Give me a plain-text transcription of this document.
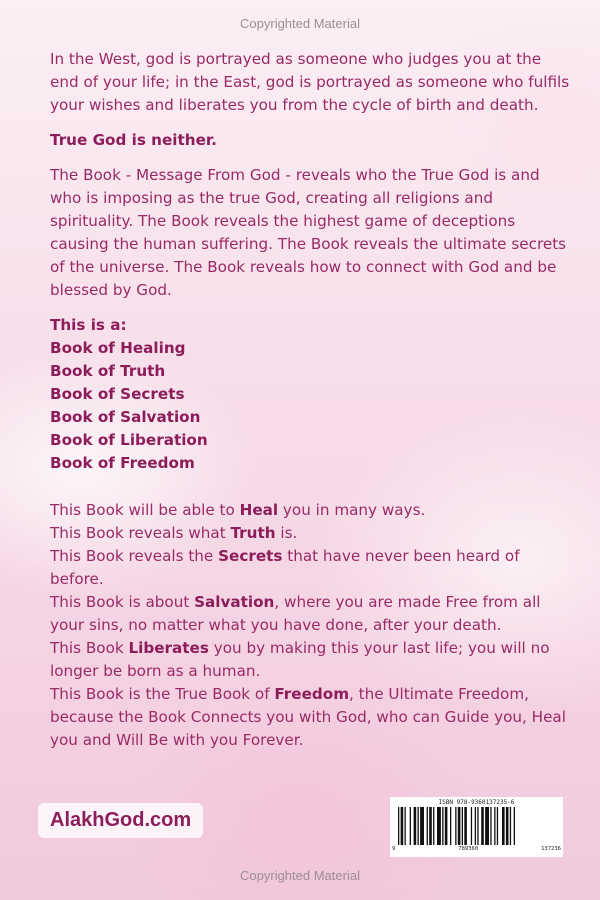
Copyrighted Material

In the West, god is portrayed as someone who judges you at the end of your life; in the East, god is portrayed as someone who fulfils your wishes and liberates you from the cycle of birth and death.

True God is neither.

The Book - Message From God - reveals who the True God is and who is imposing as the true God, creating all religions and spirituality. The Book reveals the highest game of deceptions causing the human suffering. The Book reveals the ultimate secrets of the universe. The Book reveals how to connect with God and be blessed by God.

This is a:

Book of Healing
Book of Truth
Book of Secrets
Book of Salvation
Book of Liberation
Book of Freedom
This Book will be able to Heal you in many ways.
This Book reveals what Truth is.
This Book reveals the Secrets that have never been heard of before.
This Book is about Salvation, where you are made Free from all your sins, no matter what you have done, after your death.
This Book Liberates you by making this your last life; you will no longer be born as a human.
This Book is the True Book of Freedom, the Ultimate Freedom, because the Book Connects you with God, who can Guide you, Heal you and Will Be with you Forever.
AlakhGod.com
ISBN 978-9360137235-6
9	789360	137236
Copyrighted Material
